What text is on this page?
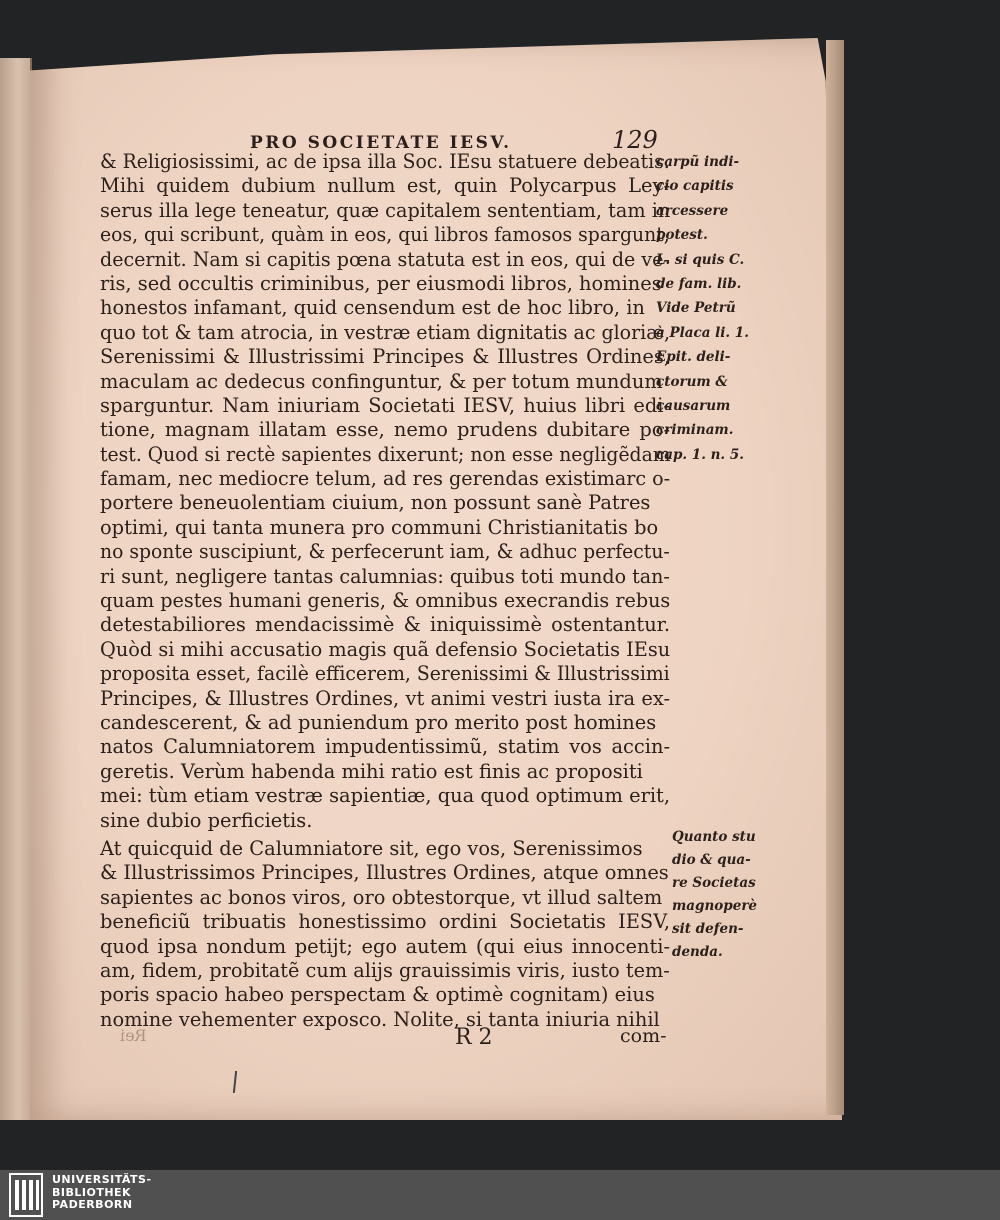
PRO SOCIETATE IESV.	129
& Religiosissimi, ac de ipsa illa Soc. IEsu statuere debeatis.
Mihi quidem dubium nullum est, quin Polycarpus Ley-
serus illa lege teneatur, quæ capitalem sententiam, tam in
eos, qui scribunt, quàm in eos, qui libros famosos spargunt,
decernit. Nam si capitis pœna statuta est in eos, qui de ve-
ris, sed occultis criminibus, per eiusmodi libros, homines
honestos infamant, quid censendum est de hoc libro, in
quo tot & tam atrocia, in vestræ etiam dignitatis ac gloriæ,
Serenissimi & Illustrissimi Principes & Illustres Ordines,
maculam ac dedecus confinguntur, & per totum mundum
sparguntur. Nam iniuriam Societati IESV, huius libri edi-
tione, magnam illatam esse, nemo prudens dubitare po-
test. Quod si rectè sapientes dixerunt; non esse negligẽdam
famam, nec mediocre telum, ad res gerendas existimarc o-
portere beneuolentiam ciuium, non possunt sanè Patres
optimi, qui tanta munera pro communi Christianitatis bo
no sponte suscipiunt, & perfecerunt iam, & adhuc perfectu-
ri sunt, negligere tantas calumnias: quibus toti mundo tan-
quam pestes humani generis, & omnibus execrandis rebus
detestabiliores mendacissimè & iniquissimè ostentantur.
Quòd si mihi accusatio magis quã defensio Societatis IEsu
proposita esset, facilè efficerem, Serenissimi & Illustrissimi
Principes, & Illustres Ordines, vt animi vestri iusta ira ex-
candescerent, & ad puniendum pro merito post homines
natos Calumniatorem impudentissimũ, statim vos accin-
geretis. Verùm habenda mihi ratio est finis ac propositi
mei: tùm etiam vestræ sapientiæ, qua quod optimum erit,
sine dubio perficietis.
At quicquid de Calumniatore sit, ego vos, Serenissimos
& Illustrissimos Principes, Illustres Ordines, atque omnes
sapientes ac bonos viros, oro obtestorque, vt illud saltem
beneficiũ tribuatis honestissimo ordini Societatis IESV,
quod ipsa nondum petijt; ego autem (qui eius innocenti-
am, fidem, probitatẽ cum alijs grauissimis viris, iusto tem-
poris spacio habeo perspectam & optimè cognitam) eius
nomine vehementer exposco. Nolite, si tanta iniuria nihil
carpũ indi-
cio capitis
arcessere
potest.
L. si quis C.
de fam. lib.
Vide Petrũ
à Placa li. 1.
Epit. deli-
ctorum &
causarum
criminam.
cap. 1. n. 5.
Quanto stu
dio & qua-
re Societas
magnoperè
sit defen-
denda.
Rei	R 2	com-
UNIVERSITÄTS-
BIBLIOTHEK
PADERBORN
